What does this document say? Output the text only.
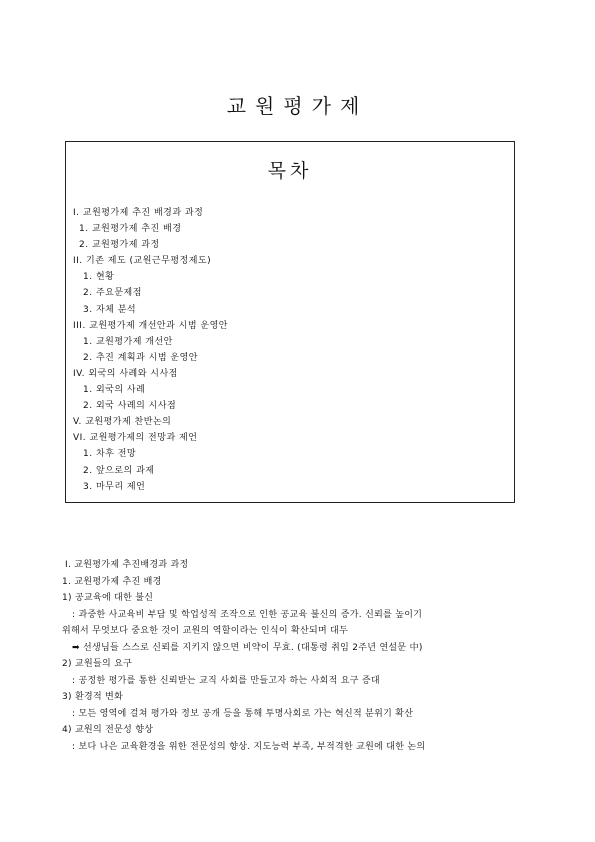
교원평가제
목차
I. 교원평가제 추진 배경과 과정
1. 교원평가제 추진 배경
2. 교원평가제 과정
II. 기존 제도 (교원근무평정제도)
1. 현황
2. 주요문제점
3. 자체 분석
III. 교원평가제 개선안과 시범 운영안
1. 교원평가제 개선안
2. 추진 계획과 시범 운영안
IV. 외국의 사례와 시사점
1. 외국의 사례
2. 외국 사례의 시사점
V. 교원평가제 찬반논의
VI. 교원평가제의 전망과 제언
1. 차후 전망
2. 앞으로의 과제
3. 마무리 제언
I. 교원평가제 추진배경과 과정
1. 교원평가제 추진 배경
1) 공교육에 대한 불신
: 과중한 사교육비 부담 및 학업성적 조작으로 인한 공교육 불신의 증가. 신뢰를 높이기
위해서 무엇보다 중요한 것이 교원의 역할이라는 인식이 확산되며 대두
➡ 선생님들 스스로 신뢰를 지키지 않으면 비약이 무효. (대통령 취임 2주년 연설문 中)
2) 교원들의 요구
: 공정한 평가를 통한 신뢰받는 교직 사회를 만들고자 하는 사회적 요구 증대
3) 환경적 변화
: 모든 영역에 걸쳐 평가와 정보 공개 등을 통해 투명사회로 가는 혁신적 분위기 확산
4) 교원의 전문성 향상
: 보다 나은 교육환경을 위한 전문성의 향상. 지도능력 부족, 부적격한 교원에 대한 논의
